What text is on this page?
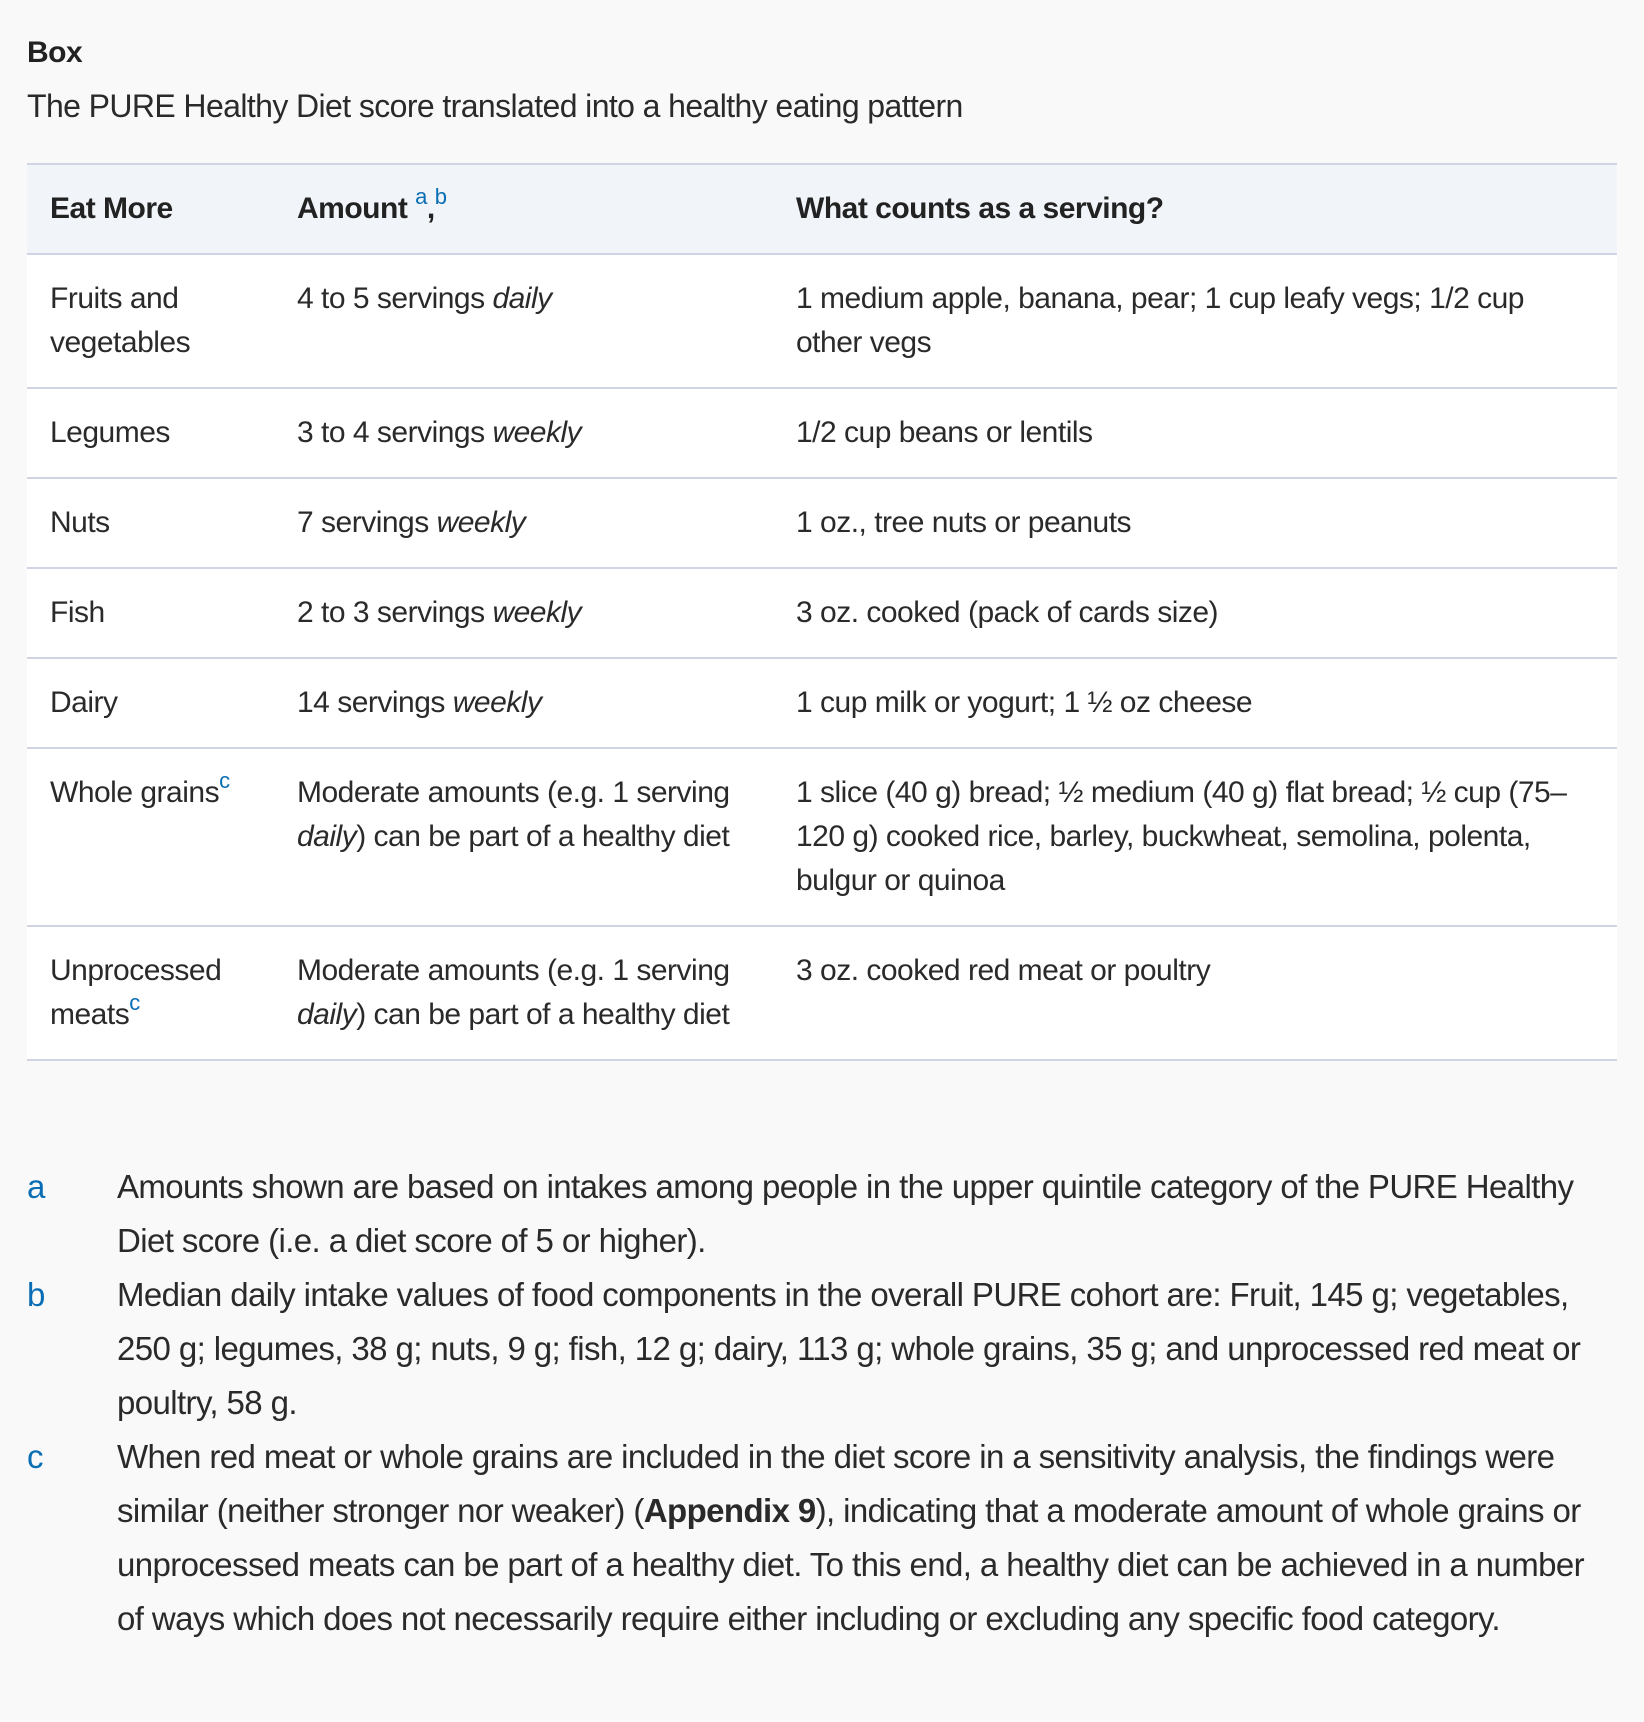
Box
The PURE Healthy Diet score translated into a healthy eating pattern
Eat More	Amount $^a$,$^b$	What counts as a serving?
Fruits and vegetables	4 to 5 servings daily	1 medium apple, banana, pear; 1 cup leafy vegs; 1/2 cup other vegs
Legumes	3 to 4 servings weekly	1/2 cup beans or lentils
Nuts	7 servings weekly	1 oz., tree nuts or peanuts
Fish	2 to 3 servings weekly	3 oz. cooked (pack of cards size)
Dairy	14 servings weekly	1 cup milk or yogurt; 1 ½ oz cheese
Whole grains$^c$	Moderate amounts (e.g. 1 serving daily) can be part of a healthy diet	1 slice (40 g) bread; ½ medium (40 g) flat bread; ½ cup (75–120 g) cooked rice, barley, buckwheat, semolina, polenta, bulgur or quinoa
Unprocessed meats$^c$	Moderate amounts (e.g. 1 serving daily) can be part of a healthy diet	3 oz. cooked red meat or poultry
a	Amounts shown are based on intakes among people in the upper quintile category of the PURE Healthy Diet score (i.e. a diet score of 5 or higher).
b	Median daily intake values of food components in the overall PURE cohort are: Fruit, 145 g; vegetables, 250 g; legumes, 38 g; nuts, 9 g; fish, 12 g; dairy, 113 g; whole grains, 35 g; and unprocessed red meat or poultry, 58 g.
c	When red meat or whole grains are included in the diet score in a sensitivity analysis, the findings were similar (neither stronger nor weaker) (Appendix 9), indicating that a moderate amount of whole grains or unprocessed meats can be part of a healthy diet. To this end, a healthy diet can be achieved in a number of ways which does not necessarily require either including or excluding any specific food category.
